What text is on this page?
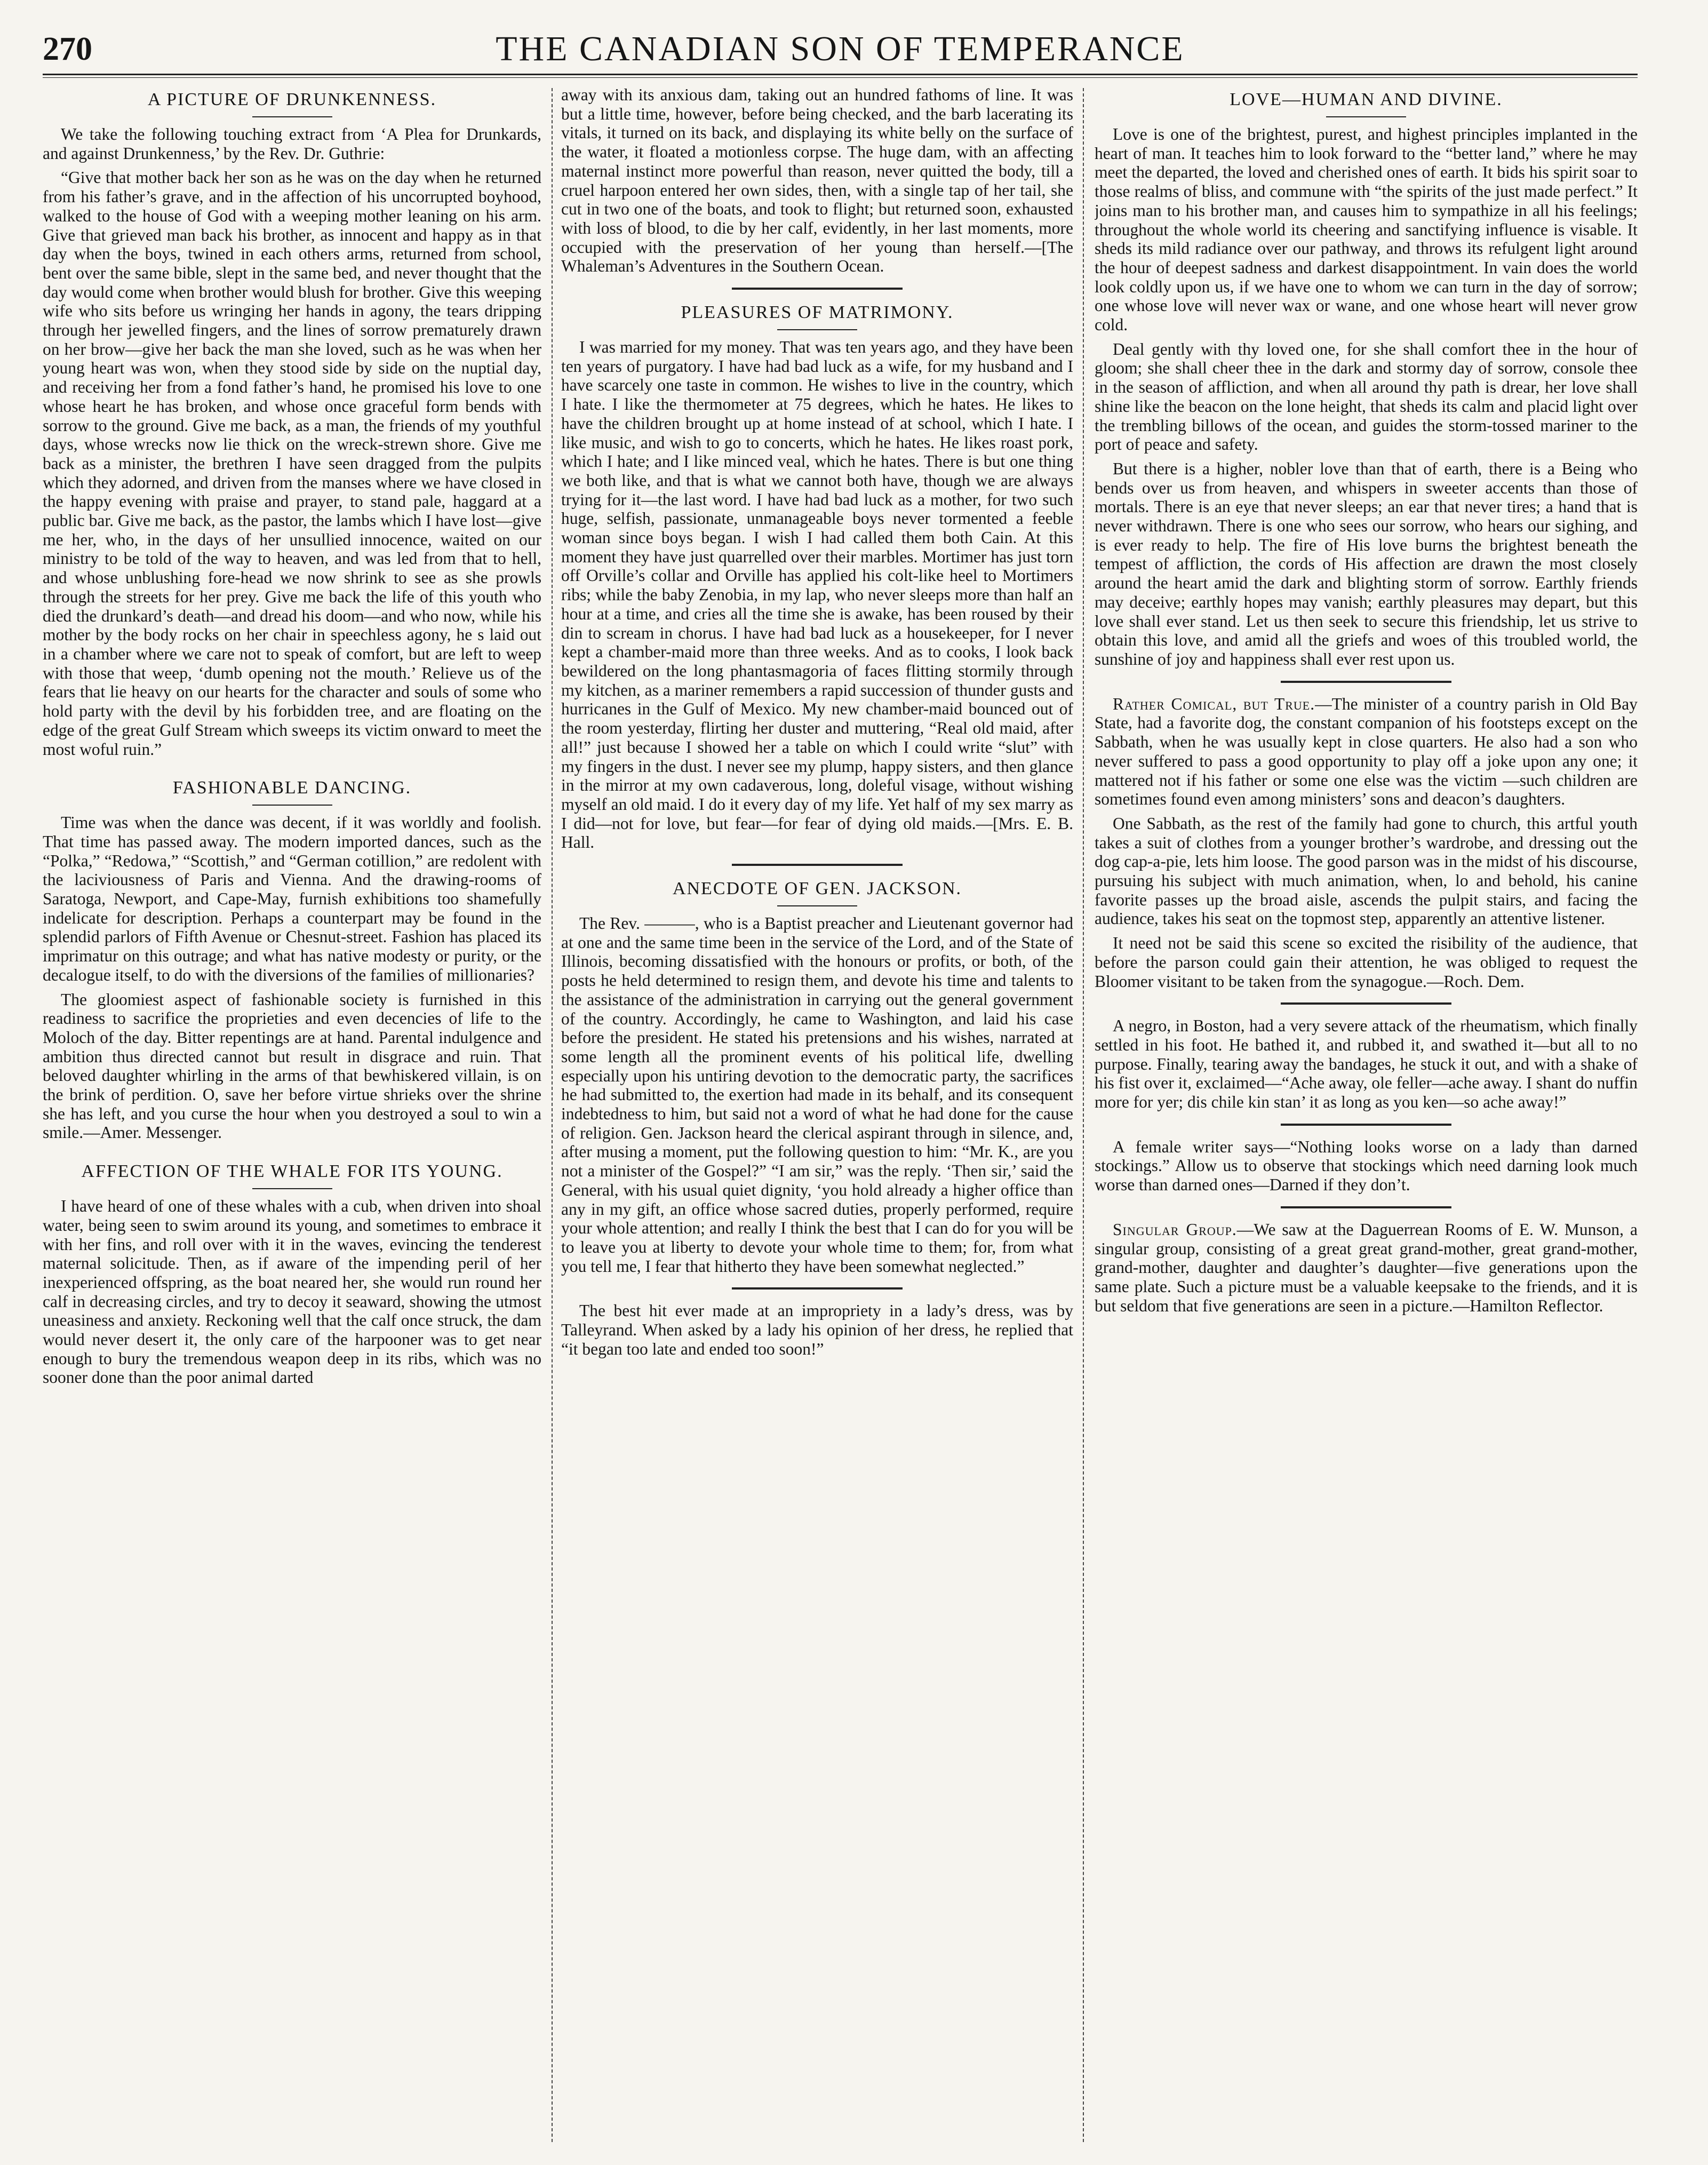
270	THE CANADIAN SON OF TEMPERANCE
A PICTURE OF DRUNKENNESS.

We take the following touching extract from ‘A Plea for Drunkards, and against Drunkenness,’ by the Rev. Dr. Guthrie:

“Give that mother back her son as he was on the day when he returned from his father’s grave, and in the affection of his uncorrupted boyhood, walked to the house of God with a weeping mother leaning on his arm. Give that grieved man back his brother, as innocent and happy as in that day when the boys, twined in each others arms, returned from school, bent over the same bible, slept in the same bed, and never thought that the day would come when brother would blush for brother. Give this weeping wife who sits before us wringing her hands in agony, the tears dripping through her jewelled fingers, and the lines of sorrow prematurely drawn on her brow—give her back the man she loved, such as he was when her young heart was won, when they stood side by side on the nuptial day, and receiving her from a fond father’s hand, he promised his love to one whose heart he has broken, and whose once graceful form bends with sorrow to the ground. Give me back, as a man, the friends of my youthful days, whose wrecks now lie thick on the wreck-strewn shore. Give me back as a minister, the brethren I have seen dragged from the pulpits which they adorned, and driven from the manses where we have closed in the happy evening with praise and prayer, to stand pale, haggard at a public bar. Give me back, as the pastor, the lambs which I have lost—give me her, who, in the days of her unsullied innocence, waited on our ministry to be told of the way to heaven, and was led from that to hell, and whose unblushing fore-head we now shrink to see as she prowls through the streets for her prey. Give me back the life of this youth who died the drunkard’s death—and dread his doom—and who now, while his mother by the body rocks on her chair in speechless agony, he s laid out in a chamber where we care not to speak of comfort, but are left to weep with those that weep, ‘dumb opening not the mouth.’ Relieve us of the fears that lie heavy on our hearts for the character and souls of some who hold party with the devil by his forbidden tree, and are floating on the edge of the great Gulf Stream which sweeps its victim onward to meet the most woful ruin.”

FASHIONABLE DANCING.

Time was when the dance was decent, if it was worldly and foolish. That time has passed away. The modern imported dances, such as the “Polka,” “Redowa,” “Scottish,” and “German cotillion,” are redolent with the laciviousness of Paris and Vienna. And the drawing-rooms of Saratoga, Newport, and Cape-May, furnish exhibitions too shamefully indelicate for description. Perhaps a counterpart may be found in the splendid parlors of Fifth Avenue or Chesnut-street. Fashion has placed its imprimatur on this outrage; and what has native modesty or purity, or the decalogue itself, to do with the diversions of the families of millionaries?

The gloomiest aspect of fashionable society is furnished in this readiness to sacrifice the proprieties and even decencies of life to the Moloch of the day. Bitter repentings are at hand. Parental indulgence and ambition thus directed cannot but result in disgrace and ruin. That beloved daughter whirling in the arms of that bewhiskered villain, is on the brink of perdition. O, save her before virtue shrieks over the shrine she has left, and you curse the hour when you destroyed a soul to win a smile.—Amer. Messenger.

AFFECTION OF THE WHALE FOR ITS YOUNG.

I have heard of one of these whales with a cub, when driven into shoal water, being seen to swim around its young, and sometimes to embrace it with her fins, and roll over with it in the waves, evincing the tenderest maternal solicitude. Then, as if aware of the impending peril of her inexperienced offspring, as the boat neared her, she would run round her calf in decreasing circles, and try to decoy it seaward, showing the utmost uneasiness and anxiety. Reckoning well that the calf once struck, the dam would never desert it, the only care of the harpooner was to get near enough to bury the tremendous weapon deep in its ribs, which was no sooner done than the poor animal darted

away with its anxious dam, taking out an hundred fathoms of line. It was but a little time, however, before being checked, and the barb lacerating its vitals, it turned on its back, and displaying its white belly on the surface of the water, it floated a motionless corpse. The huge dam, with an affecting maternal instinct more powerful than reason, never quitted the body, till a cruel harpoon entered her own sides, then, with a single tap of her tail, she cut in two one of the boats, and took to flight; but returned soon, exhausted with loss of blood, to die by her calf, evidently, in her last moments, more occupied with the preservation of her young than herself.—[The Whaleman’s Adventures in the Southern Ocean.

PLEASURES OF MATRIMONY.

I was married for my money. That was ten years ago, and they have been ten years of purgatory. I have had bad luck as a wife, for my husband and I have scarcely one taste in common. He wishes to live in the country, which I hate. I like the thermometer at 75 degrees, which he hates. He likes to have the children brought up at home instead of at school, which I hate. I like music, and wish to go to concerts, which he hates. He likes roast pork, which I hate; and I like minced veal, which he hates. There is but one thing we both like, and that is what we cannot both have, though we are always trying for it—the last word. I have had bad luck as a mother, for two such huge, selfish, passionate, unmanageable boys never tormented a feeble woman since boys began. I wish I had called them both Cain. At this moment they have just quarrelled over their marbles. Mortimer has just torn off Orville’s collar and Orville has applied his colt-like heel to Mortimers ribs; while the baby Zenobia, in my lap, who never sleeps more than half an hour at a time, and cries all the time she is awake, has been roused by their din to scream in chorus. I have had bad luck as a housekeeper, for I never kept a chamber-maid more than three weeks. And as to cooks, I look back bewildered on the long phantasmagoria of faces flitting stormily through my kitchen, as a mariner remembers a rapid succession of thunder gusts and hurricanes in the Gulf of Mexico. My new chamber-maid bounced out of the room yesterday, flirting her duster and muttering, “Real old maid, after all!” just because I showed her a table on which I could write “slut” with my fingers in the dust. I never see my plump, happy sisters, and then glance in the mirror at my own cadaverous, long, doleful visage, without wishing myself an old maid. I do it every day of my life. Yet half of my sex marry as I did—not for love, but fear—for fear of dying old maids.—[Mrs. E. B. Hall.

ANECDOTE OF GEN. JACKSON.

The Rev. ———, who is a Baptist preacher and Lieutenant governor had at one and the same time been in the service of the Lord, and of the State of Illinois, becoming dissatisfied with the honours or profits, or both, of the posts he held determined to resign them, and devote his time and talents to the assistance of the administration in carrying out the general government of the country. Accordingly, he came to Washington, and laid his case before the president. He stated his pretensions and his wishes, narrated at some length all the prominent events of his political life, dwelling especially upon his untiring devotion to the democratic party, the sacrifices he had submitted to, the exertion had made in its behalf, and its consequent indebtedness to him, but said not a word of what he had done for the cause of religion. Gen. Jackson heard the clerical aspirant through in silence, and, after musing a moment, put the following question to him: “Mr. K., are you not a minister of the Gospel?” “I am sir,” was the reply. ‘Then sir,’ said the General, with his usual quiet dignity, ‘you hold already a higher office than any in my gift, an office whose sacred duties, properly performed, require your whole attention; and really I think the best that I can do for you will be to leave you at liberty to devote your whole time to them; for, from what you tell me, I fear that hitherto they have been somewhat neglected.”

The best hit ever made at an impropriety in a lady’s dress, was by Talleyrand. When asked by a lady his opinion of her dress, he replied that “it began too late and ended too soon!”

LOVE—HUMAN AND DIVINE.

Love is one of the brightest, purest, and highest principles implanted in the heart of man. It teaches him to look forward to the “better land,” where he may meet the departed, the loved and cherished ones of earth. It bids his spirit soar to those realms of bliss, and commune with “the spirits of the just made perfect.” It joins man to his brother man, and causes him to sympathize in all his feelings; throughout the whole world its cheering and sanctifying influence is visable. It sheds its mild radiance over our pathway, and throws its refulgent light around the hour of deepest sadness and darkest disappointment. In vain does the world look coldly upon us, if we have one to whom we can turn in the day of sorrow; one whose love will never wax or wane, and one whose heart will never grow cold.

Deal gently with thy loved one, for she shall comfort thee in the hour of gloom; she shall cheer thee in the dark and stormy day of sorrow, console thee in the season of affliction, and when all around thy path is drear, her love shall shine like the beacon on the lone height, that sheds its calm and placid light over the trembling billows of the ocean, and guides the storm-tossed mariner to the port of peace and safety.

But there is a higher, nobler love than that of earth, there is a Being who bends over us from heaven, and whispers in sweeter accents than those of mortals. There is an eye that never sleeps; an ear that never tires; a hand that is never withdrawn. There is one who sees our sorrow, who hears our sighing, and is ever ready to help. The fire of His love burns the brightest beneath the tempest of affliction, the cords of His affection are drawn the most closely around the heart amid the dark and blighting storm of sorrow. Earthly friends may deceive; earthly hopes may vanish; earthly pleasures may depart, but this love shall ever stand. Let us then seek to secure this friendship, let us strive to obtain this love, and amid all the griefs and woes of this troubled world, the sunshine of joy and happiness shall ever rest upon us.

Rather Comical, but True.—The minister of a country parish in Old Bay State, had a favorite dog, the constant companion of his footsteps except on the Sabbath, when he was usually kept in close quarters. He also had a son who never suffered to pass a good opportunity to play off a joke upon any one; it mattered not if his father or some one else was the victim —such children are sometimes found even among ministers’ sons and deacon’s daughters.

One Sabbath, as the rest of the family had gone to church, this artful youth takes a suit of clothes from a younger brother’s wardrobe, and dressing out the dog cap-a-pie, lets him loose. The good parson was in the midst of his discourse, pursuing his subject with much animation, when, lo and behold, his canine favorite passes up the broad aisle, ascends the pulpit stairs, and facing the audience, takes his seat on the topmost step, apparently an attentive listener.

It need not be said this scene so excited the risibility of the audience, that before the parson could gain their attention, he was obliged to request the Bloomer visitant to be taken from the synagogue.—Roch. Dem.

A negro, in Boston, had a very severe attack of the rheumatism, which finally settled in his foot. He bathed it, and rubbed it, and swathed it—but all to no purpose. Finally, tearing away the bandages, he stuck it out, and with a shake of his fist over it, exclaimed—“Ache away, ole feller—ache away. I shant do nuffin more for yer; dis chile kin stan’ it as long as you ken—so ache away!”

A female writer says—“Nothing looks worse on a lady than darned stockings.” Allow us to observe that stockings which need darning look much worse than darned ones—Darned if they don’t.

Singular Group.—We saw at the Daguerrean Rooms of E. W. Munson, a singular group, consisting of a great great grand-mother, great grand-mother, grand-mother, daughter and daughter’s daughter—five generations upon the same plate. Such a picture must be a valuable keepsake to the friends, and it is but seldom that five generations are seen in a picture.—Hamilton Reflector.
